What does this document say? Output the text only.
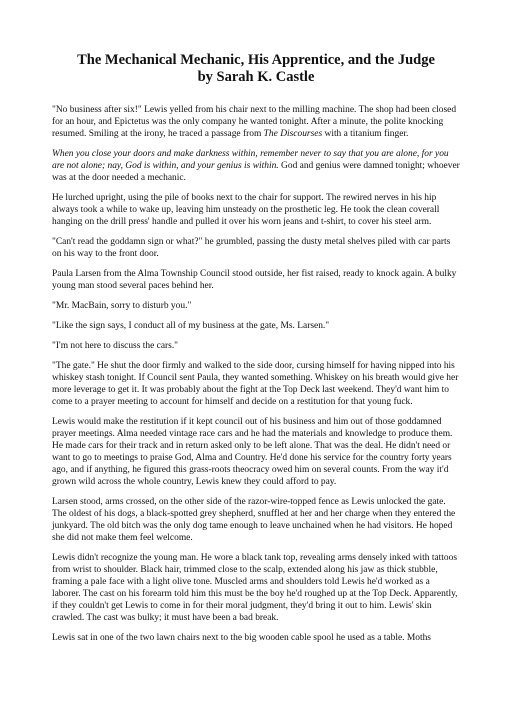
The Mechanical Mechanic, His Apprentice, and the Judge
by Sarah K. Castle

"No business after six!" Lewis yelled from his chair next to the milling machine. The shop had been closed for an hour, and Epictetus was the only company he wanted tonight. After a minute, the polite knocking resumed. Smiling at the irony, he traced a passage from The Discourses with a titanium finger.

When you close your doors and make darkness within, remember never to say that you are alone, for you are not alone; nay, God is within, and your genius is within. God and genius were damned tonight; whoever was at the door needed a mechanic.

He lurched upright, using the pile of books next to the chair for support. The rewired nerves in his hip always took a while to wake up, leaving him unsteady on the prosthetic leg. He took the clean coverall hanging on the drill press' handle and pulled it over his worn jeans and t-shirt, to cover his steel arm.

"Can't read the goddamn sign or what?" he grumbled, passing the dusty metal shelves piled with car parts on his way to the front door.

Paula Larsen from the Alma Township Council stood outside, her fist raised, ready to knock again. A bulky young man stood several paces behind her.

"Mr. MacBain, sorry to disturb you."

"Like the sign says, I conduct all of my business at the gate, Ms. Larsen."

"I'm not here to discuss the cars."

"The gate." He shut the door firmly and walked to the side door, cursing himself for having nipped into his whiskey stash tonight. If Council sent Paula, they wanted something. Whiskey on his breath would give her more leverage to get it. It was probably about the fight at the Top Deck last weekend. They'd want him to come to a prayer meeting to account for himself and decide on a restitution for that young fuck.

Lewis would make the restitution if it kept council out of his business and him out of those goddamned prayer meetings. Alma needed vintage race cars and he had the materials and knowledge to produce them. He made cars for their track and in return asked only to be left alone. That was the deal. He didn't need or want to go to meetings to praise God, Alma and Country. He'd done his service for the country forty years ago, and if anything, he figured this grass-roots theocracy owed him on several counts. From the way it'd grown wild across the whole country, Lewis knew they could afford to pay.

Larsen stood, arms crossed, on the other side of the razor-wire-topped fence as Lewis unlocked the gate. The oldest of his dogs, a black-spotted grey shepherd, snuffled at her and her charge when they entered the junkyard. The old bitch was the only dog tame enough to leave unchained when he had visitors. He hoped she did not make them feel welcome.

Lewis didn't recognize the young man. He wore a black tank top, revealing arms densely inked with tattoos from wrist to shoulder. Black hair, trimmed close to the scalp, extended along his jaw as thick stubble, framing a pale face with a light olive tone. Muscled arms and shoulders told Lewis he'd worked as a laborer. The cast on his forearm told him this must be the boy he'd roughed up at the Top Deck. Apparently, if they couldn't get Lewis to come in for their moral judgment, they'd bring it out to him. Lewis' skin crawled. The cast was bulky; it must have been a bad break.

Lewis sat in one of the two lawn chairs next to the big wooden cable spool he used as a table. Moths
